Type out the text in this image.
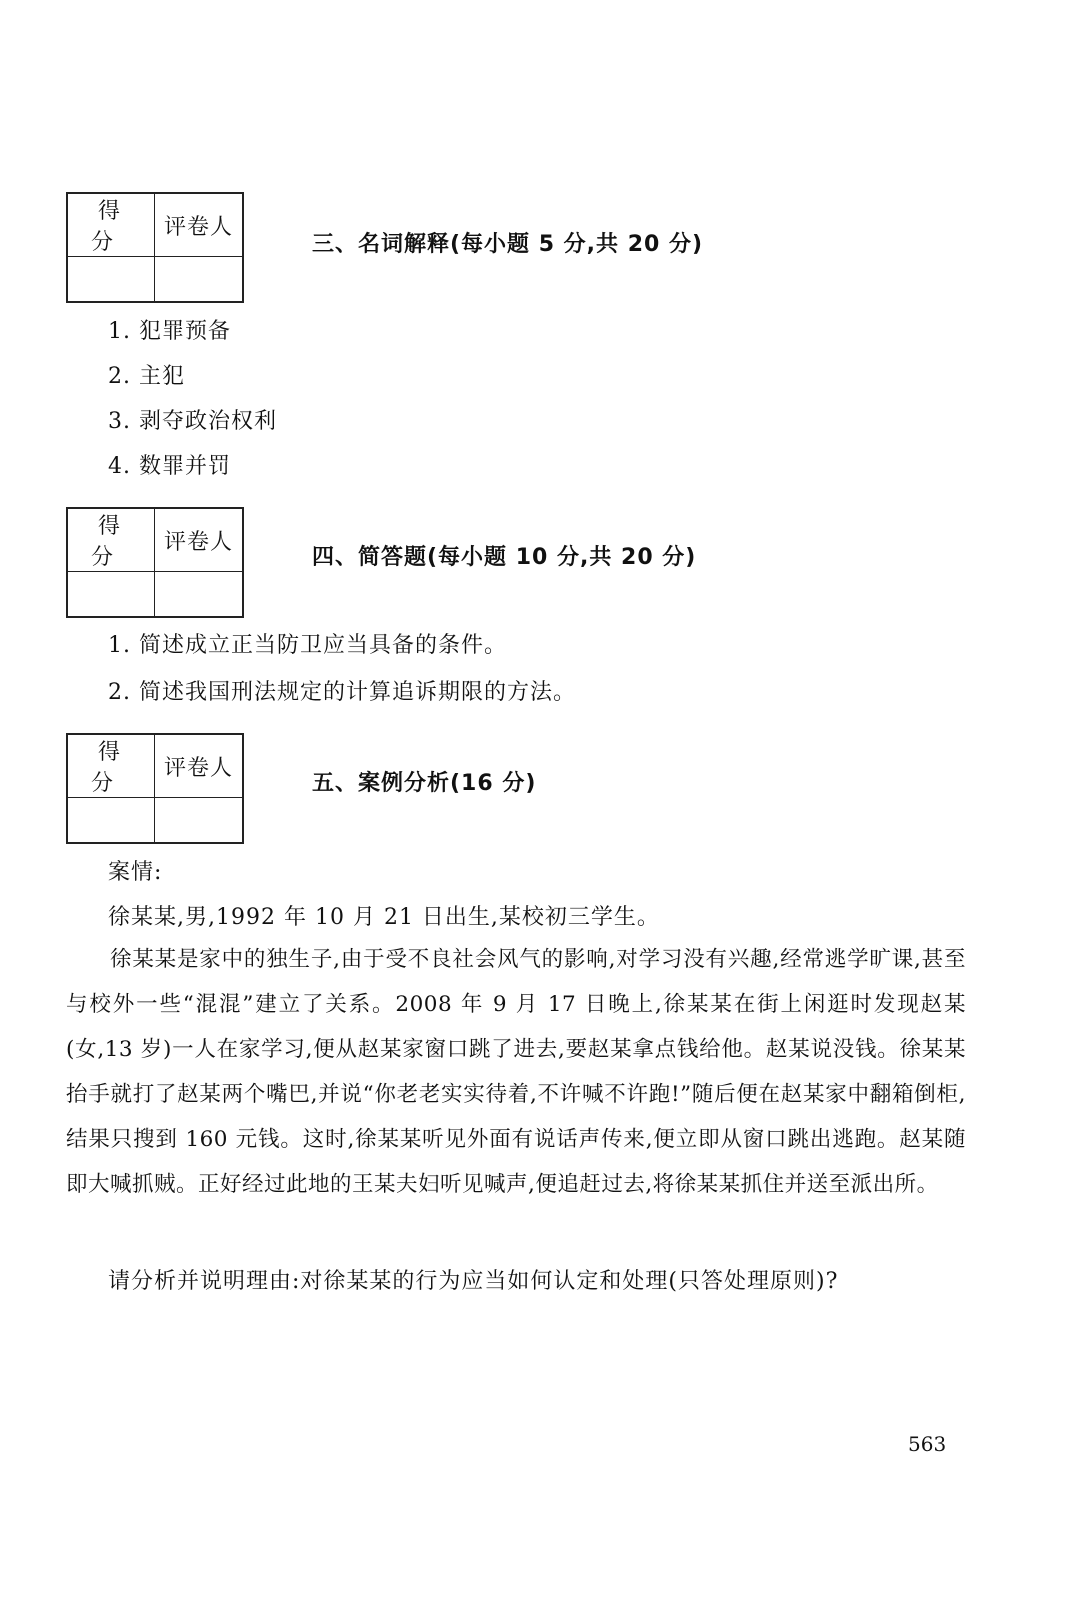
得分	评卷人

三、名词解释(每小题 5 分,共 20 分)
1. 犯罪预备
2. 主犯
3. 剥夺政治权利
4. 数罪并罚
得分	评卷人

四、简答题(每小题 10 分,共 20 分)
1. 简述成立正当防卫应当具备的条件。
2. 简述我国刑法规定的计算追诉期限的方法。
得分	评卷人

五、案例分析(16 分)
案情:
徐某某,男,1992 年 10 月 21 日出生,某校初三学生。

徐某某是家中的独生子,由于受不良社会风气的影响,对学习没有兴趣,经常逃学旷课,甚至与校外一些“混混”建立了关系。2008 年 9 月 17 日晚上,徐某某在街上闲逛时发现赵某(女,13 岁)一人在家学习,便从赵某家窗口跳了进去,要赵某拿点钱给他。赵某说没钱。徐某某抬手就打了赵某两个嘴巴,并说“你老老实实待着,不许喊不许跑!”随后便在赵某家中翻箱倒柜,结果只搜到 160 元钱。这时,徐某某听见外面有说话声传来,便立即从窗口跳出逃跑。赵某随即大喊抓贼。正好经过此地的王某夫妇听见喊声,便追赶过去,将徐某某抓住并送至派出所。

请分析并说明理由:对徐某某的行为应当如何认定和处理(只答处理原则)?
563
